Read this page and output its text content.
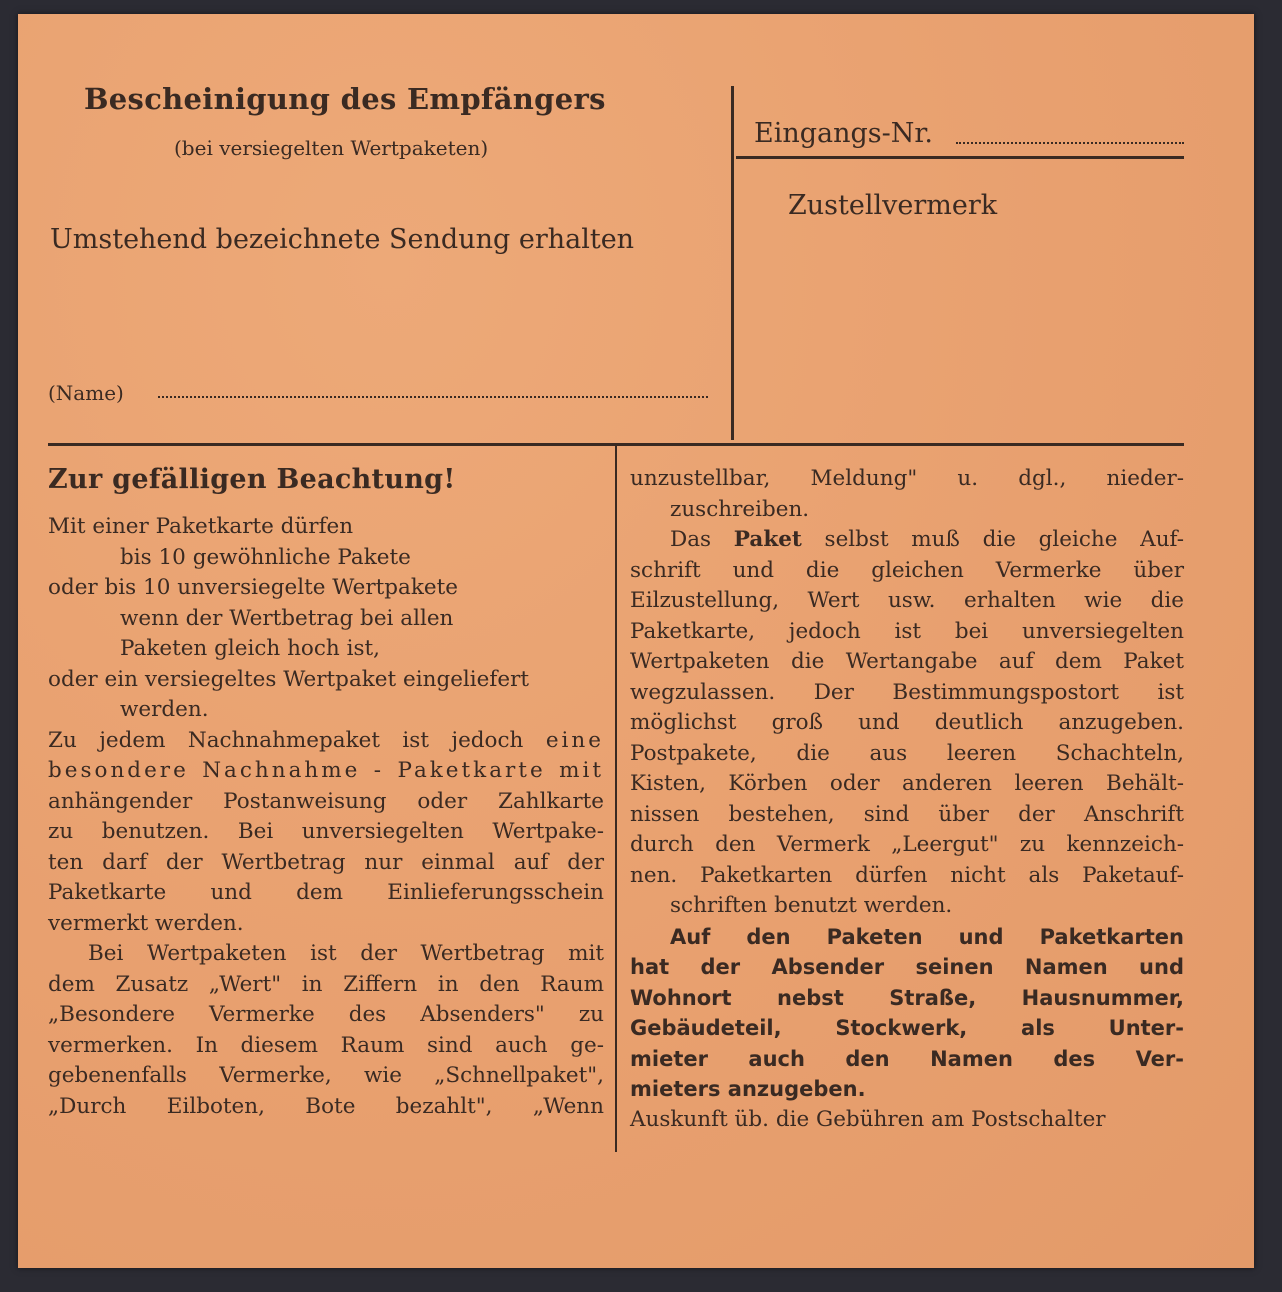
Bescheinigung des Empfängers
(bei versiegelten Wertpaketen)
Umstehend bezeichnete Sendung erhalten
(Name)
Eingangs-Nr.
Zustellvermerk
Zur gefälligen Beachtung!
Mit einer Paketkarte dürfen
bis 10 gewöhnliche Pakete
oder bis 10 unversiegelte Wertpakete
wenn der Wertbetrag bei allen
Paketen gleich hoch ist,
oder ein versiegeltes Wertpaket eingeliefert
werden.
Zu jedem Nachnahmepaket ist jedoch eine
besondere Nachnahme - Paketkarte mit
anhängender Postanweisung oder Zahlkarte
zu benutzen. Bei unversiegelten Wertpake-
ten darf der Wertbetrag nur einmal auf der
Paketkarte und dem Einlieferungsschein
vermerkt werden.
Bei Wertpaketen ist der Wertbetrag mit
dem Zusatz „Wert" in Ziffern in den Raum
„Besondere Vermerke des Absenders" zu
vermerken. In diesem Raum sind auch ge-
gebenenfalls Vermerke, wie „Schnellpaket",
„Durch Eilboten, Bote bezahlt", „Wenn
unzustellbar, Meldung" u. dgl., nieder-
zuschreiben.
Das Paket selbst muß die gleiche Auf-
schrift und die gleichen Vermerke über
Eilzustellung, Wert usw. erhalten wie die
Paketkarte, jedoch ist bei unversiegelten
Wertpaketen die Wertangabe auf dem Paket
wegzulassen. Der Bestimmungspostort ist
möglichst groß und deutlich anzugeben.
Postpakete, die aus leeren Schachteln,
Kisten, Körben oder anderen leeren Behält-
nissen bestehen, sind über der Anschrift
durch den Vermerk „Leergut" zu kennzeich-
nen. Paketkarten dürfen nicht als Paketauf-
schriften benutzt werden.
Auf den Paketen und Paketkarten
hat der Absender seinen Namen und
Wohnort nebst Straße, Hausnummer,
Gebäudeteil, Stockwerk, als Unter-
mieter auch den Namen des Ver-
mieters anzugeben.
Auskunft üb. die Gebühren am Postschalter
